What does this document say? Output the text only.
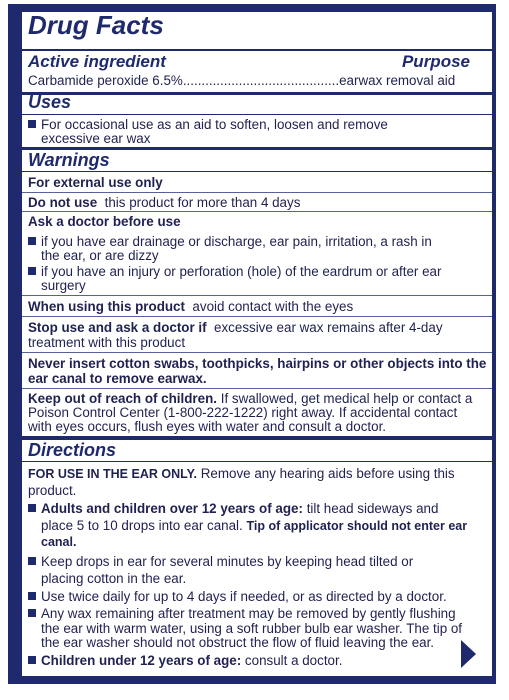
Drug Facts
Active ingredient	Purpose
Carbamide peroxide 6.5%..........................................earwax removal aid
Uses
For occasional use as an aid to soften, loosen and remove
excessive ear wax
Warnings
For external use only
Do not use this product for more than 4 days
Ask a doctor before use
if you have ear drainage or discharge, ear pain, irritation, a rash in
the ear, or are dizzy
if you have an injury or perforation (hole) of the eardrum or after ear
surgery
When using this product avoid contact with the eyes
Stop use and ask a doctor if excessive ear wax remains after 4-day
treatment with this product
Never insert cotton swabs, toothpicks, hairpins or other objects into the
ear canal to remove earwax.
Keep out of reach of children. If swallowed, get medical help or contact a
Poison Control Center (1-800-222-1222) right away. If accidental contact
with eyes occurs, flush eyes with water and consult a doctor.
Directions
FOR USE IN THE EAR ONLY. Remove any hearing aids before using this
product.
Adults and children over 12 years of age: tilt head sideways and
place 5 to 10 drops into ear canal. Tip of applicator should not enter ear
canal.
Keep drops in ear for several minutes by keeping head tilted or
placing cotton in the ear.
Use twice daily for up to 4 days if needed, or as directed by a doctor.
Any wax remaining after treatment may be removed by gently flushing
the ear with warm water, using a soft rubber bulb ear washer. The tip of
the ear washer should not obstruct the flow of fluid leaving the ear.
Children under 12 years of age: consult a doctor.
